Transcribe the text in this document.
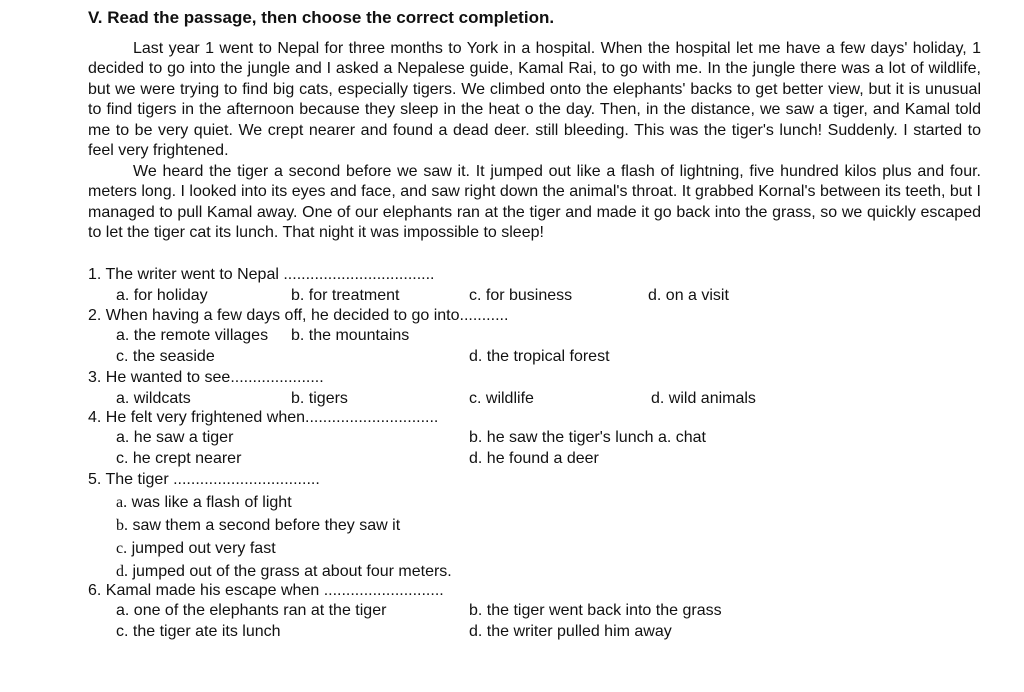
V. Read the passage, then choose the correct completion.

Last year 1 went to Nepal for three months to York in a hospital. When the hospital let me have a few days' holiday, 1 decided to go into the jungle and I asked a Nepalese guide, Kamal Rai, to go with me. In the jungle there was a lot of wildlife, but we were trying to find big cats, especially tigers. We climbed onto the elephants' backs to get better view, but it is unusual to find tigers in the afternoon because they sleep in the heat o the day. Then, in the distance, we saw a tiger, and Kamal told me to be very quiet. We crept nearer and found a dead deer. still bleeding. This was the tiger's lunch! Suddenly. I started to feel very frightened.

We heard the tiger a second before we saw it. It jumped out like a flash of lightning, five hundred kilos plus and four. meters long. I looked into its eyes and face, and saw right down the animal's throat. It grabbed Kornal's between its teeth, but I managed to pull Kamal away. One of our elephants ran at the tiger and made it go back into the grass, so we quickly escaped to let the tiger cat its lunch. That night it was impossible to sleep!

1. The writer went to Nepal ..................................

a. for holiday	b. for treatment	c. for business	d. on a visit

2. When having a few days off, he decided to go into...........

a. the remote villages b. the mountains

c. the seaside	d. the tropical forest

3. He wanted to see.....................

a. wildcats	b. tigers	c. wildlife	d. wild animals

4. He felt very frightened when..............................

a. he saw a tiger	b. he saw the tiger's lunch a. chat

c. he crept nearer	d. he found a deer

5. The tiger .................................

a. was like a flash of light

b. saw them a second before they saw it

c. jumped out very fast

d. jumped out of the grass at about four meters.

6. Kamal made his escape when ...........................

a. one of the elephants ran at the tiger	b. the tiger went back into the grass

c. the tiger ate its lunch	d. the writer pulled him away
